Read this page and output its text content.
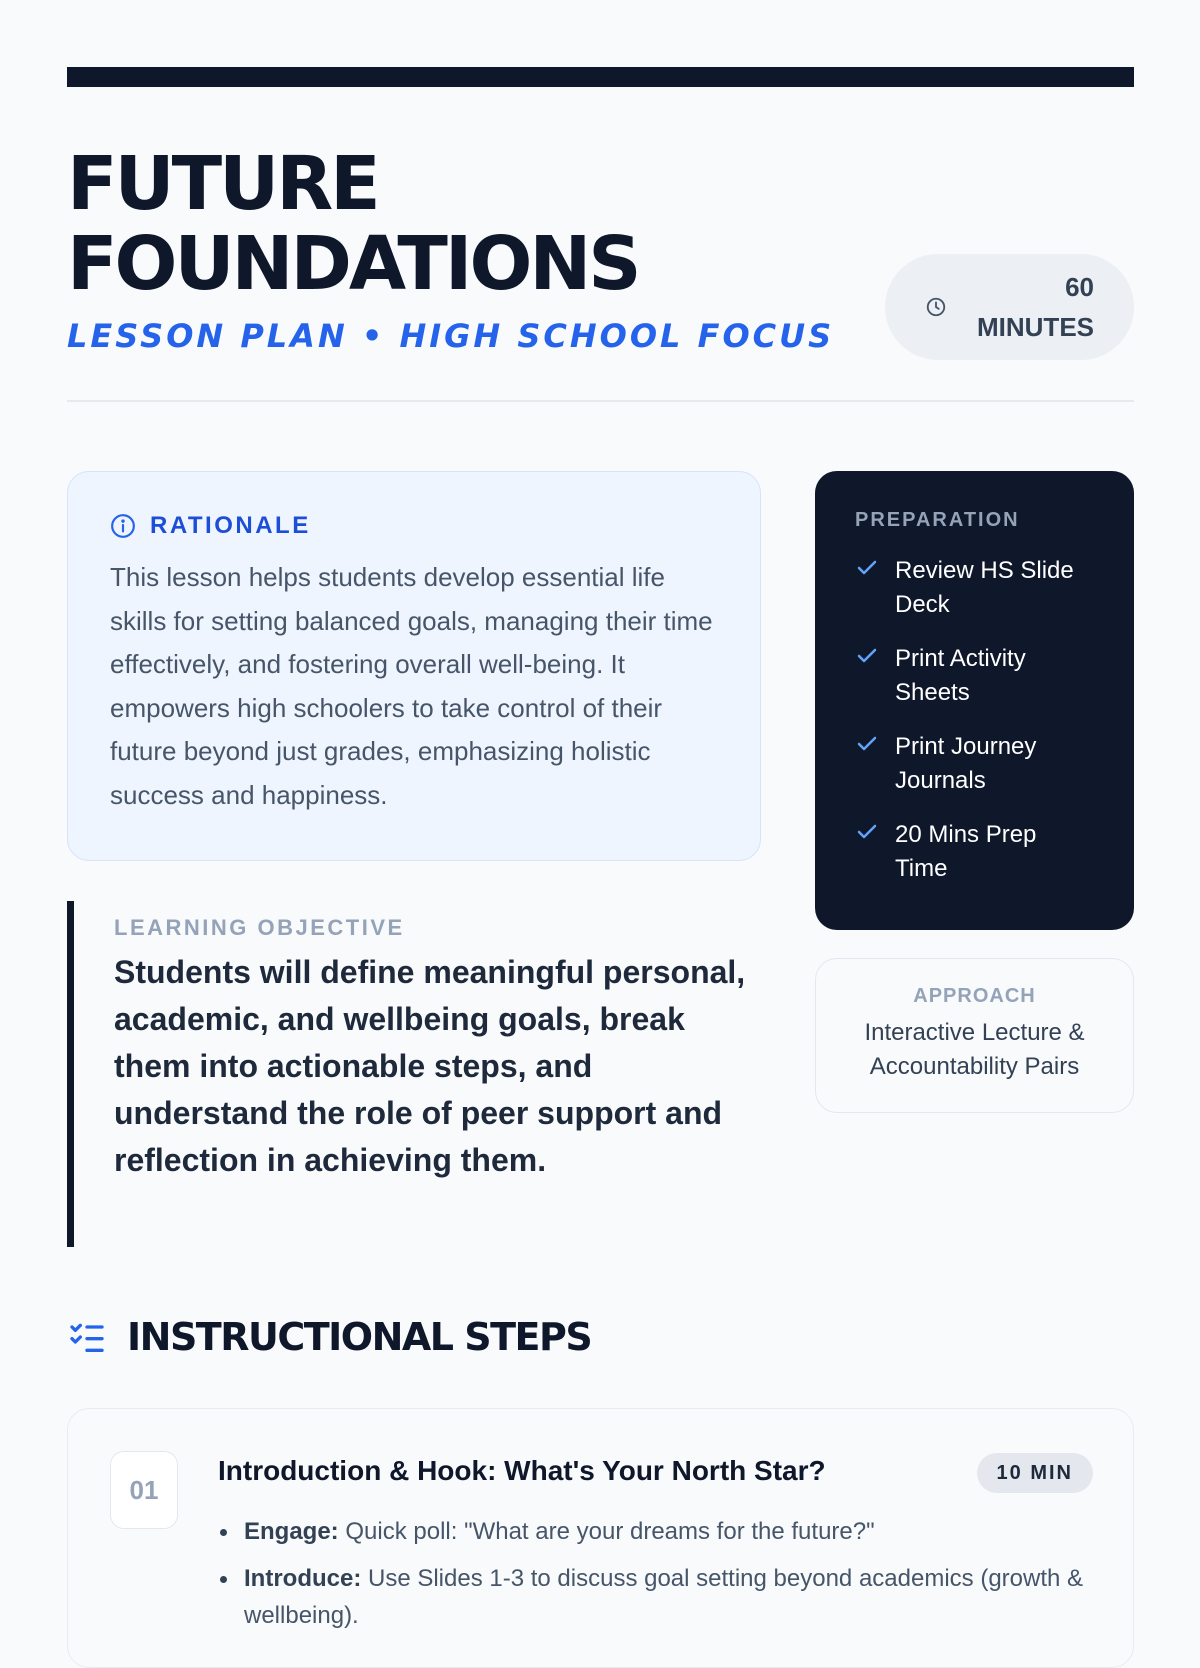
FUTURE
FOUNDATIONS
LESSON PLAN • HIGH SCHOOL FOCUS
60
MINUTES
RATIONALE

This lesson helps students develop essential life skills for setting balanced goals, managing their time effectively, and fostering overall well-being. It empowers high schoolers to take control of their future beyond just grades, emphasizing holistic success and happiness.

PREPARATION
Review HS Slide Deck
Print Activity Sheets
Print Journey Journals
20 Mins Prep Time
APPROACH
Interactive Lecture & Accountability Pairs
LEARNING OBJECTIVE
Students will define meaningful personal, academic, and wellbeing goals, break them into actionable steps, and understand the role of peer support and reflection in achieving them.
INSTRUCTIONAL STEPS
01
Introduction & Hook: What's Your North Star?	10 MIN
Engage: Quick poll: "What are your dreams for the future?"
Introduce: Use Slides 1-3 to discuss goal setting beyond academics (growth & wellbeing).
